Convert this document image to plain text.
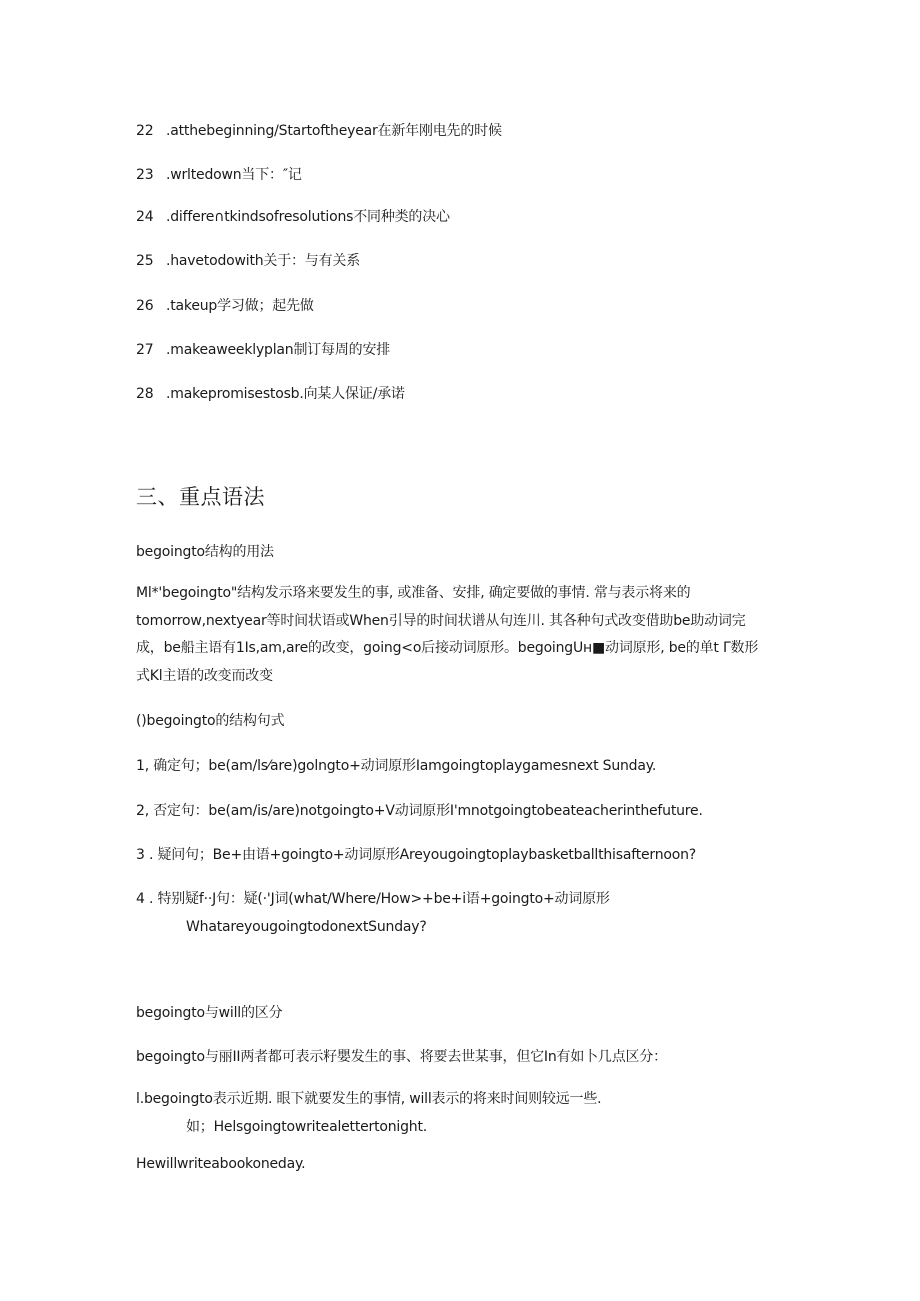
22 .atthebeginning/Startoftheyear在新年刚电先的时候
23 .wrltedown当下：″记
24 .differe∩tkindsofresolutions不同种类的决心
25 .havetodowith关于：与有关系
26 .takeup学习做；起先做
27 .makeaweeklyplan制订每周的安排
28 .makepromisestosb.向某人保证/承诺
三、重点语法
begoingto结构的用法
Ml*'begoingto"结构发示珞来要发生的事, 或准备、安排, 确定要做的事情. 常与表示将来的
tomorrow,nextyear等时间状语或When引导的时间状谱从句连川. 其各种句式改变借助be助动词完
成，be船主语有1Is,am,are的改变，going<o后接动词原形。begoingUн■动词原形, be的单t Γ数形
式Kl主语的改变而改变
()begoingto的结构句式
1, 确定句；be(am/ls⁄are)golngto+动词原形Iamgoingtoplaygamesnext Sunday.
2, 否定句：be(am/is/are)notgoingto+V动词原形I'mnotgoingtobeateacherinthefuture.
3 . 疑问句；Be+由语+goingto+动词原形Areyougoingtoplaybasketballthisafternoon?
4 . 特别疑f··J句：疑(·'J词(what/Where/How>+be+i语+goingto+动词原形
WhatareyougoingtodonextSunday?
begoingto与will的区分
begoingto与丽II两者都可表示籽嬰发生的事、将要去世某事，但它In有如卜几点区分：
l.begoingto表示近期. 眼下就要发生的事情, will表示的将来时间则较远一些.
如；Helsgoingtowritealettertonight.
Hewillwriteabookoneday.
